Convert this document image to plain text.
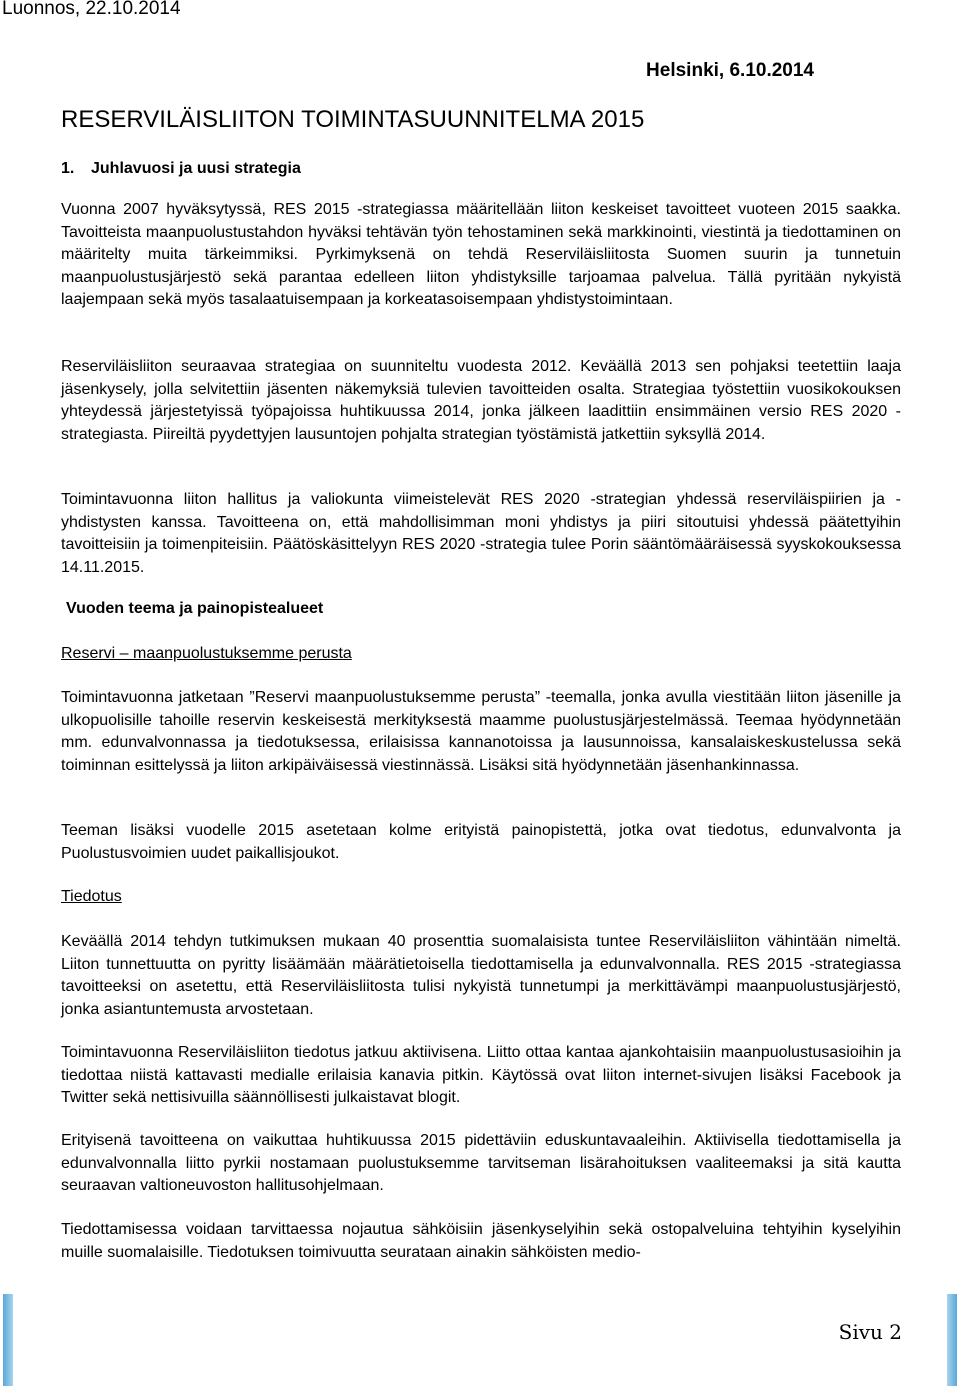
Luonnos, 22.10.2014

Helsinki, 6.10.2014

RESERVILÄISLIITON TOIMINTASUUNNITELMA 2015
1. Juhlavuosi ja uusi strategia

Vuonna 2007 hyväksytyssä, RES 2015 -strategiassa määritellään liiton keskeiset tavoitteet vuoteen 2015 saakka. Tavoitteista maanpuolustustahdon hyväksi tehtävän työn tehostaminen sekä markkinointi, viestintä ja tiedottaminen on määritelty muita tärkeimmiksi. Pyrkimyksenä on tehdä Reserviläisliitosta Suomen suurin ja tunnetuin maanpuolustusjärjestö sekä parantaa edelleen liiton yhdistyksille tarjoamaa palvelua. Tällä pyritään nykyistä laajempaan sekä myös tasalaatuisempaan ja korkeatasoisempaan yhdistystoimintaan.

Reserviläisliiton seuraavaa strategiaa on suunniteltu vuodesta 2012. Keväällä 2013 sen pohjaksi teetettiin laaja jäsenkysely, jolla selvitettiin jäsenten näkemyksiä tulevien tavoitteiden osalta. Strategiaa työstettiin vuosikokouksen yhteydessä järjestetyissä työpajoissa huhtikuussa 2014, jonka jälkeen laadittiin ensimmäinen versio RES 2020 -strategiasta. Piireiltä pyydettyjen lausuntojen pohjalta strategian työstämistä jatkettiin syksyllä 2014.

Toimintavuonna liiton hallitus ja valiokunta viimeistelevät RES 2020 -strategian yhdessä reserviläispiirien ja -yhdistysten kanssa. Tavoitteena on, että mahdollisimman moni yhdistys ja piiri sitoutuisi yhdessä päätettyihin tavoitteisiin ja toimenpiteisiin. Päätöskäsittelyyn RES 2020 -strategia tulee Porin sääntömääräisessä syyskokouksessa 14.11.2015.

Vuoden teema ja painopistealueet

Reservi – maanpuolustuksemme perusta

Toimintavuonna jatketaan ”Reservi maanpuolustuksemme perusta” -teemalla, jonka avulla viestitään liiton jäsenille ja ulkopuolisille tahoille reservin keskeisestä merkityksestä maamme puolustusjärjestelmässä. Teemaa hyödynnetään mm. edunvalvonnassa ja tiedotuksessa, erilaisissa kannanotoissa ja lausunnoissa, kansalaiskeskustelussa sekä toiminnan esittelyssä ja liiton arkipäiväisessä viestinnässä. Lisäksi sitä hyödynnetään jäsenhankinnassa.

Teeman lisäksi vuodelle 2015 asetetaan kolme erityistä painopistettä, jotka ovat tiedotus, edunvalvonta ja Puolustusvoimien uudet paikallisjoukot.

Tiedotus

Keväällä 2014 tehdyn tutkimuksen mukaan 40 prosenttia suomalaisista tuntee Reserviläisliiton vähintään nimeltä. Liiton tunnettuutta on pyritty lisäämään määrätietoisella tiedottamisella ja edunvalvonnalla. RES 2015 -strategiassa tavoitteeksi on asetettu, että Reserviläisliitosta tulisi nykyistä tunnetumpi ja merkittävämpi maanpuolustusjärjestö, jonka asiantuntemusta arvostetaan.

Toimintavuonna Reserviläisliiton tiedotus jatkuu aktiivisena. Liitto ottaa kantaa ajankohtaisiin maanpuolustusasioihin ja tiedottaa niistä kattavasti medialle erilaisia kanavia pitkin. Käytössä ovat liiton internet-sivujen lisäksi Facebook ja Twitter sekä nettisivuilla säännöllisesti julkaistavat blogit.

Erityisenä tavoitteena on vaikuttaa huhtikuussa 2015 pidettäviin eduskuntavaaleihin. Aktiivisella tiedottamisella ja edunvalvonnalla liitto pyrkii nostamaan puolustuksemme tarvitseman lisärahoituksen vaaliteemaksi ja sitä kautta seuraavan valtioneuvoston hallitusohjelmaan.

Tiedottamisessa voidaan tarvittaessa nojautua sähköisiin jäsenkyselyihin sekä ostopalveluina tehtyihin kyselyihin muille suomalaisille. Tiedotuksen toimivuutta seurataan ainakin sähköisten medio-

Sivu 2
